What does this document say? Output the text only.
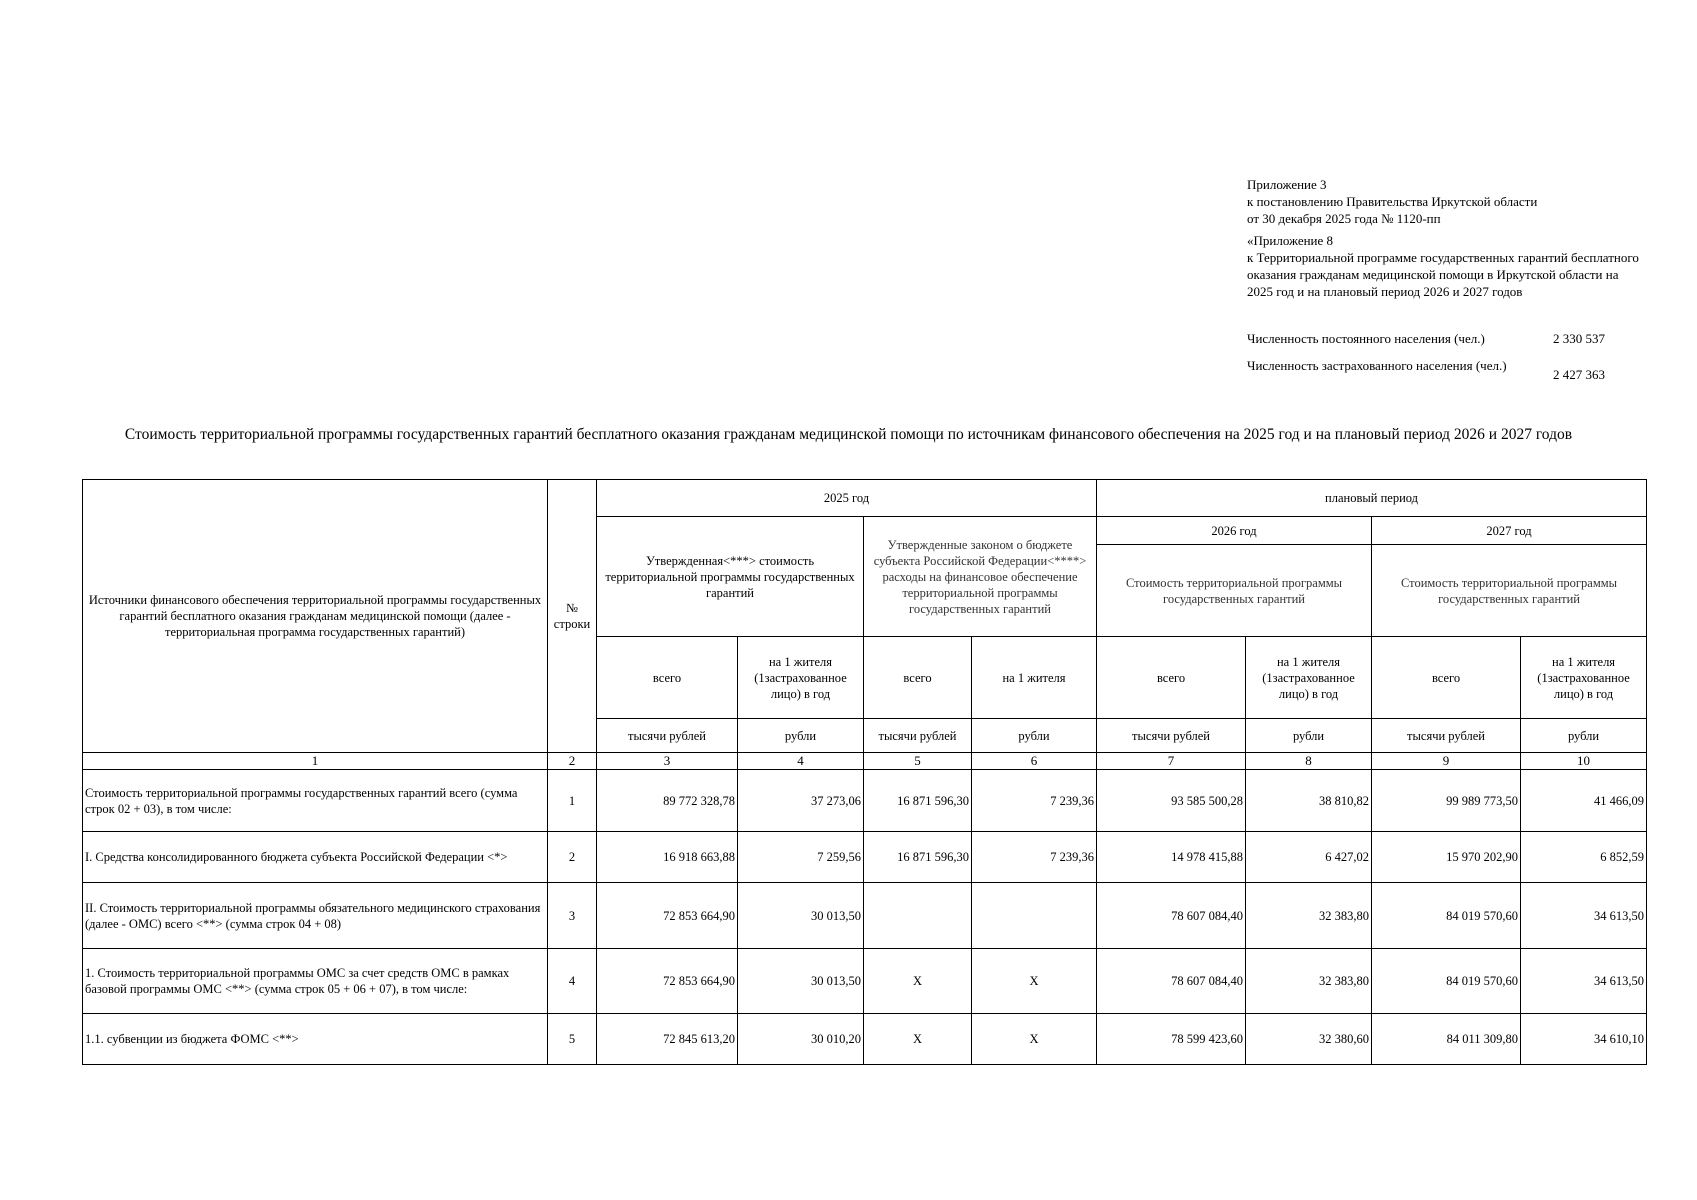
Приложение 3
к постановлению Правительства Иркутской области
от 30 декабря 2025 года № 1120-пп
«Приложение 8
к Территориальной программе государственных гарантий бесплатного оказания гражданам медицинской помощи в Иркутской области на 2025 год и на плановый период 2026 и 2027 годов
Численность постоянного населения (чел.)	2 330 537
Численность застрахованного населения (чел.)
2 427 363
Стоимость территориальной программы государственных гарантий бесплатного оказания гражданам медицинской помощи по источникам финансового обеспечения на 2025 год и на плановый период 2026 и 2027 годов
Источники финансового обеспечения территориальной программы государственных гарантий бесплатного оказания гражданам медицинской помощи (далее - территориальная программа государственных гарантий)	№ строки	2025 год				плановый период			
		Утвержденная<***> стоимость территориальной программы государственных гарантий		Утвержденные законом о бюджете субъекта Российской Федерации<****> расходы на финансовое обеспечение территориальной программы государственных гарантий		2026 год		2027 год	
						Стоимость территориальной программы государственных гарантий		Стоимость территориальной программы государственных гарантий	
		всего	на 1 жителя (1застрахованное лицо) в год	всего	на 1 жителя	всего	на 1 жителя (1застрахованное лицо) в год	всего	на 1 жителя (1застрахованное лицо) в год
		тысячи рублей	рубли	тысячи рублей	рубли	тысячи рублей	рубли	тысячи рублей	рубли
1	2	3	4	5	6	7	8	9	10
Стоимость территориальной программы государственных гарантий всего (сумма строк 02 + 03), в том числе:	1	89 772 328,78	37 273,06	16 871 596,30	7 239,36	93 585 500,28	38 810,82	99 989 773,50	41 466,09
I. Средства консолидированного бюджета субъекта Российской Федерации <*>	2	16 918 663,88	7 259,56	16 871 596,30	7 239,36	14 978 415,88	6 427,02	15 970 202,90	6 852,59
II. Стоимость территориальной программы обязательного медицинского страхования (далее - ОМС) всего <**> (сумма строк 04 + 08)	3	72 853 664,90	30 013,50			78 607 084,40	32 383,80	84 019 570,60	34 613,50
1. Стоимость территориальной программы ОМС за счет средств ОМС в рамках базовой программы ОМС <**> (сумма строк 05 + 06 + 07), в том числе:	4	72 853 664,90	30 013,50	Х	Х	78 607 084,40	32 383,80	84 019 570,60	34 613,50
1.1. субвенции из бюджета ФОМС <**>	5	72 845 613,20	30 010,20	Х	Х	78 599 423,60	32 380,60	84 011 309,80	34 610,10
